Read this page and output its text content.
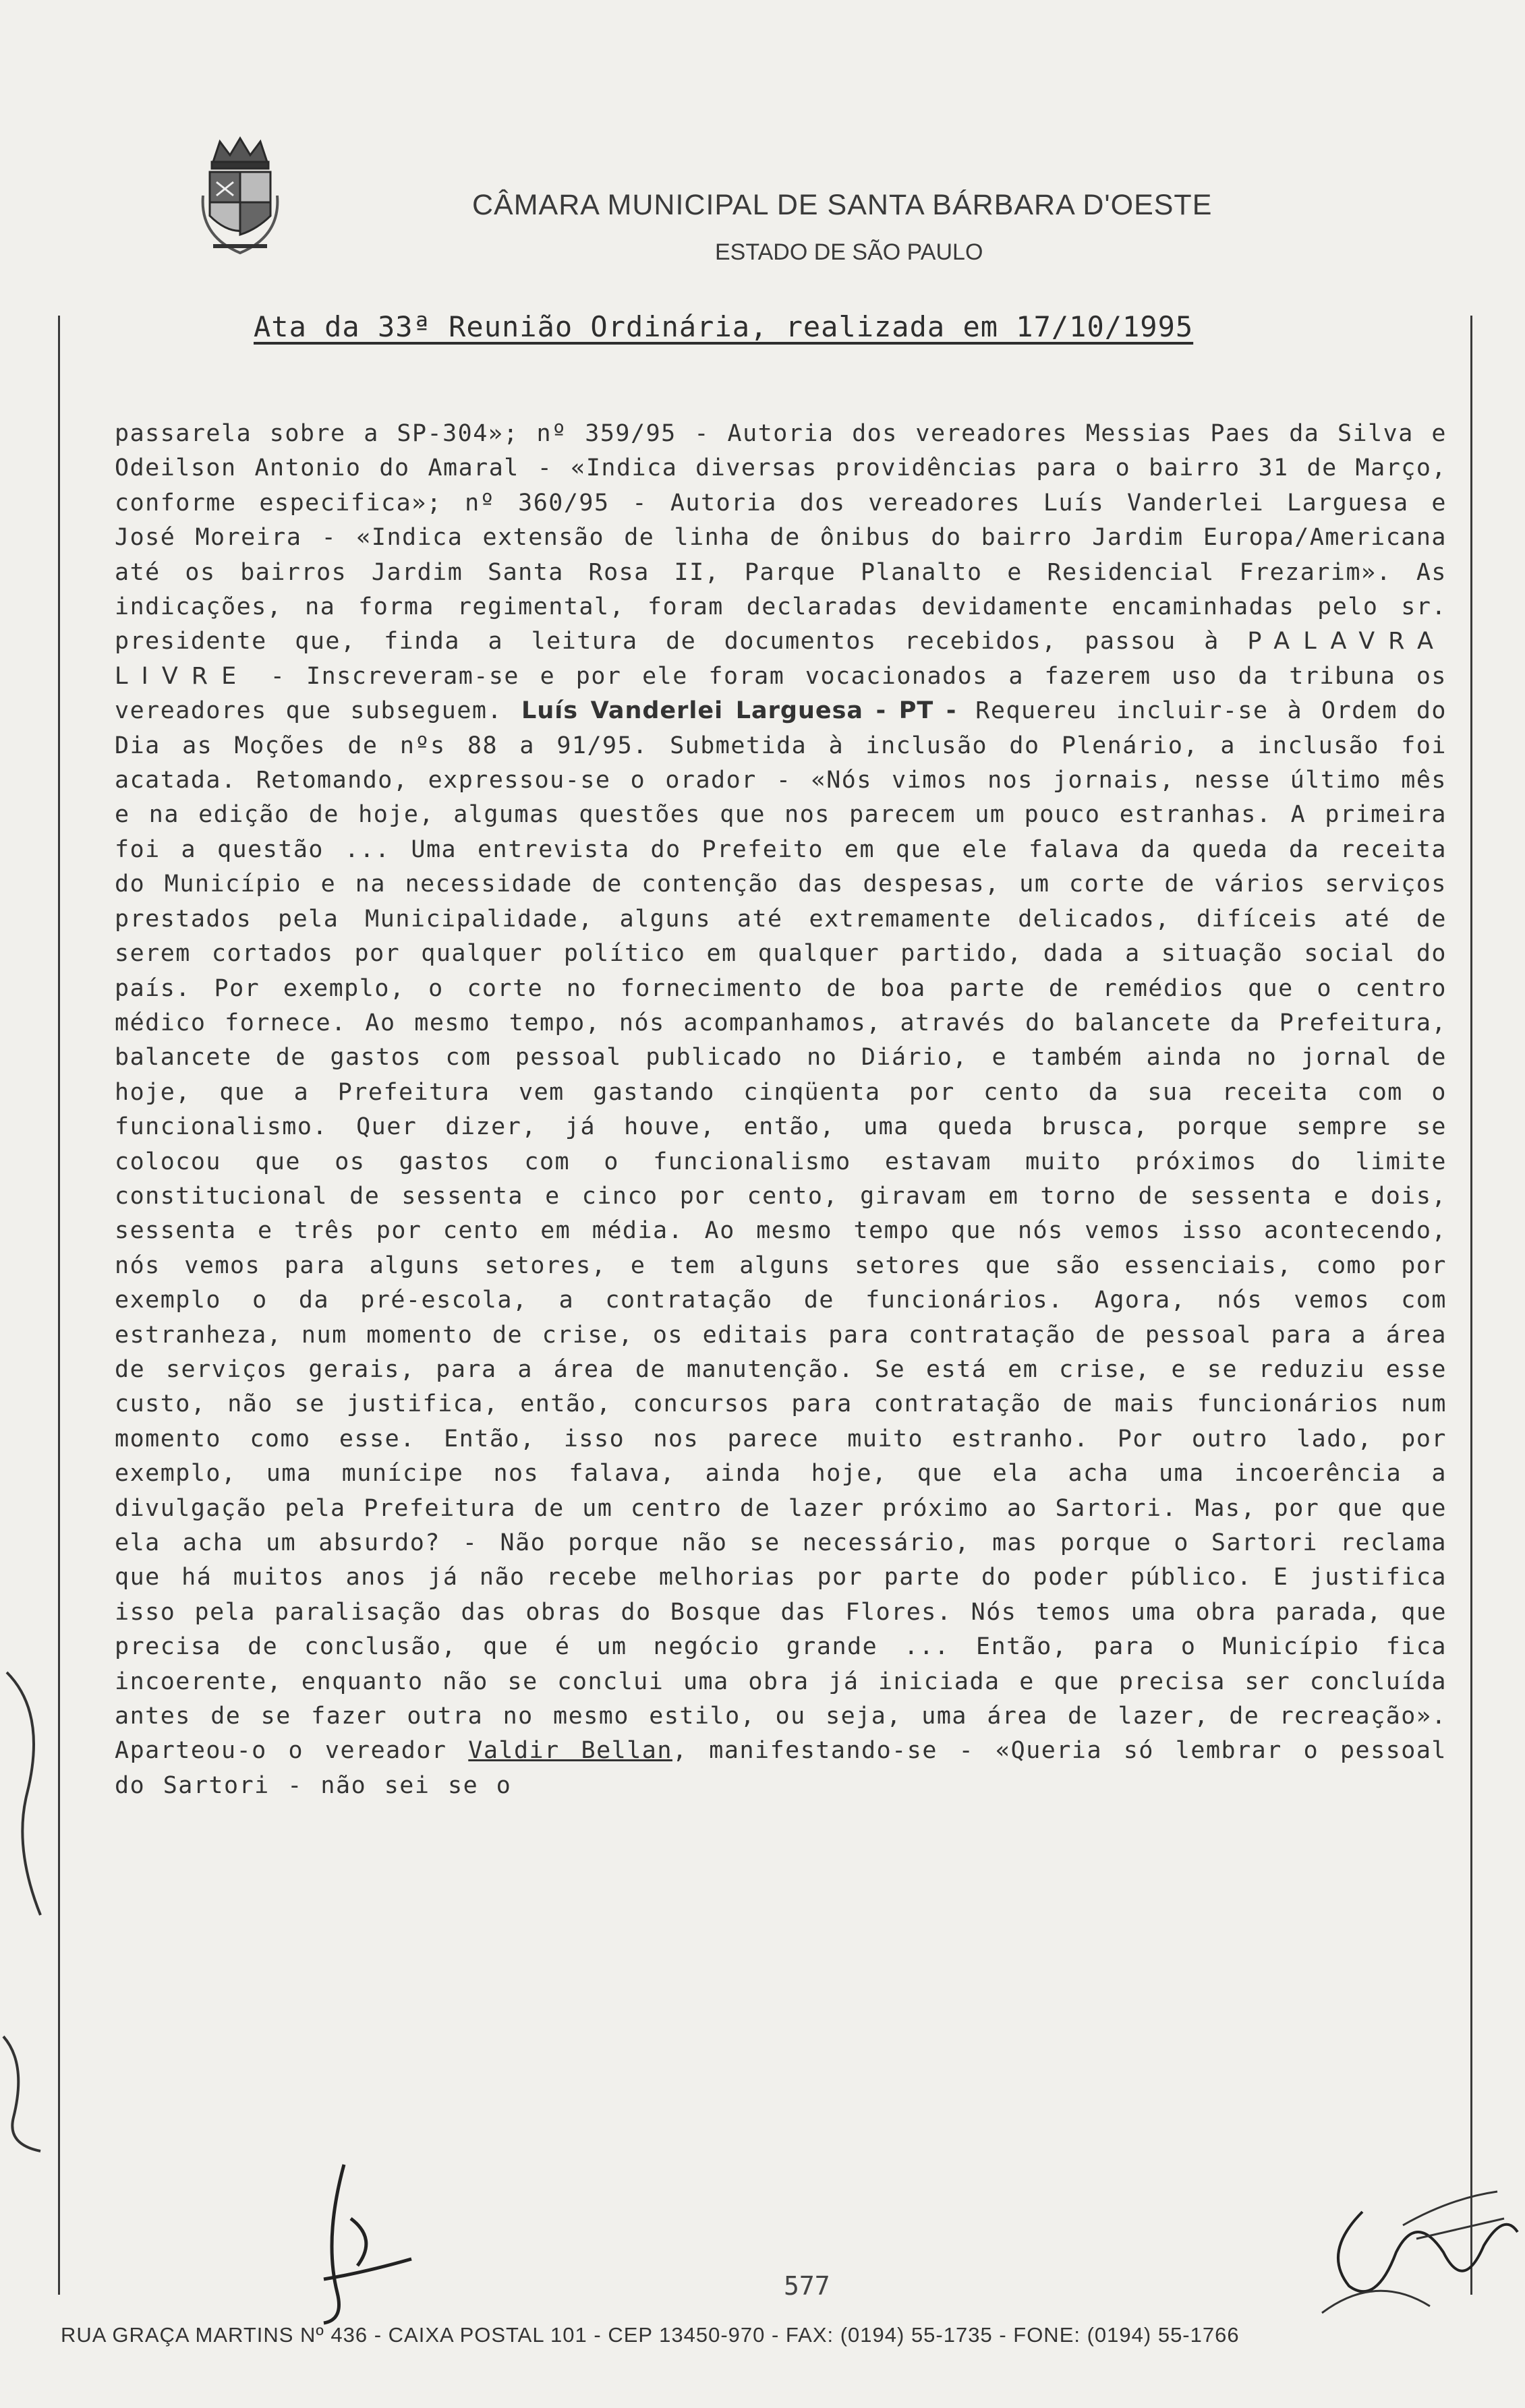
CÂMARA MUNICIPAL DE SANTA BÁRBARA D'OESTE
ESTADO DE SÃO PAULO
Ata da 33ª Reunião Ordinária, realizada em 17/10/1995
passarela sobre a SP-304»; nº 359/95 - Autoria dos vereadores Messias Paes da Silva e Odeilson Antonio do Amaral - «Indica diversas providências para o bairro 31 de Março, conforme especifica»; nº 360/95 - Autoria dos vereadores Luís Vanderlei Larguesa e José Moreira - «Indica extensão de linha de ônibus do bairro Jardim Europa/Americana até os bairros Jardim Santa Rosa II, Parque Planalto e Residencial Frezarim». As indicações, na forma regimental, foram declaradas devidamente encaminhadas pelo sr. presidente que, finda a leitura de documentos recebidos, passou à PALAVRA LIVRE - Inscreveram-se e por ele foram vocacionados a fazerem uso da tribuna os vereadores que subseguem. Luís Vanderlei Larguesa - PT - Requereu incluir-se à Ordem do Dia as Moções de nºs 88 a 91/95. Submetida à inclusão do Plenário, a inclusão foi acatada. Retomando, expressou-se o orador - «Nós vimos nos jornais, nesse último mês e na edição de hoje, algumas questões que nos parecem um pouco estranhas. A primeira foi a questão ... Uma entrevista do Prefeito em que ele falava da queda da receita do Município e na necessidade de contenção das despesas, um corte de vários serviços prestados pela Municipalidade, alguns até extremamente delicados, difíceis até de serem cortados por qualquer político em qualquer partido, dada a situação social do país. Por exemplo, o corte no fornecimento de boa parte de remédios que o centro médico fornece. Ao mesmo tempo, nós acompanhamos, através do balancete da Prefeitura, balancete de gastos com pessoal publicado no Diário, e também ainda no jornal de hoje, que a Prefeitura vem gastando cinqüenta por cento da sua receita com o funcionalismo. Quer dizer, já houve, então, uma queda brusca, porque sempre se colocou que os gastos com o funcionalismo estavam muito próximos do limite constitucional de sessenta e cinco por cento, giravam em torno de sessenta e dois, sessenta e três por cento em média. Ao mesmo tempo que nós vemos isso acontecendo, nós vemos para alguns setores, e tem alguns setores que são essenciais, como por exemplo o da pré-escola, a contratação de funcionários. Agora, nós vemos com estranheza, num momento de crise, os editais para contratação de pessoal para a área de serviços gerais, para a área de manutenção. Se está em crise, e se reduziu esse custo, não se justifica, então, concursos para contratação de mais funcionários num momento como esse. Então, isso nos parece muito estranho. Por outro lado, por exemplo, uma munícipe nos falava, ainda hoje, que ela acha uma incoerência a divulgação pela Prefeitura de um centro de lazer próximo ao Sartori. Mas, por que que ela acha um absurdo? - Não porque não se necessário, mas porque o Sartori reclama que há muitos anos já não recebe melhorias por parte do poder público. E justifica isso pela paralisação das obras do Bosque das Flores. Nós temos uma obra parada, que precisa de conclusão, que é um negócio grande ... Então, para o Município fica incoerente, enquanto não se conclui uma obra já iniciada e que precisa ser concluída antes de se fazer outra no mesmo estilo, ou seja, uma área de lazer, de recreação». Aparteou-o o vereador Valdir Bellan, manifestando-se - «Queria só lembrar o pessoal do Sartori - não sei se o
577
RUA GRAÇA MARTINS Nº 436 - CAIXA POSTAL 101 - CEP 13450-970 - FAX: (0194) 55-1735 - FONE: (0194) 55-1766
